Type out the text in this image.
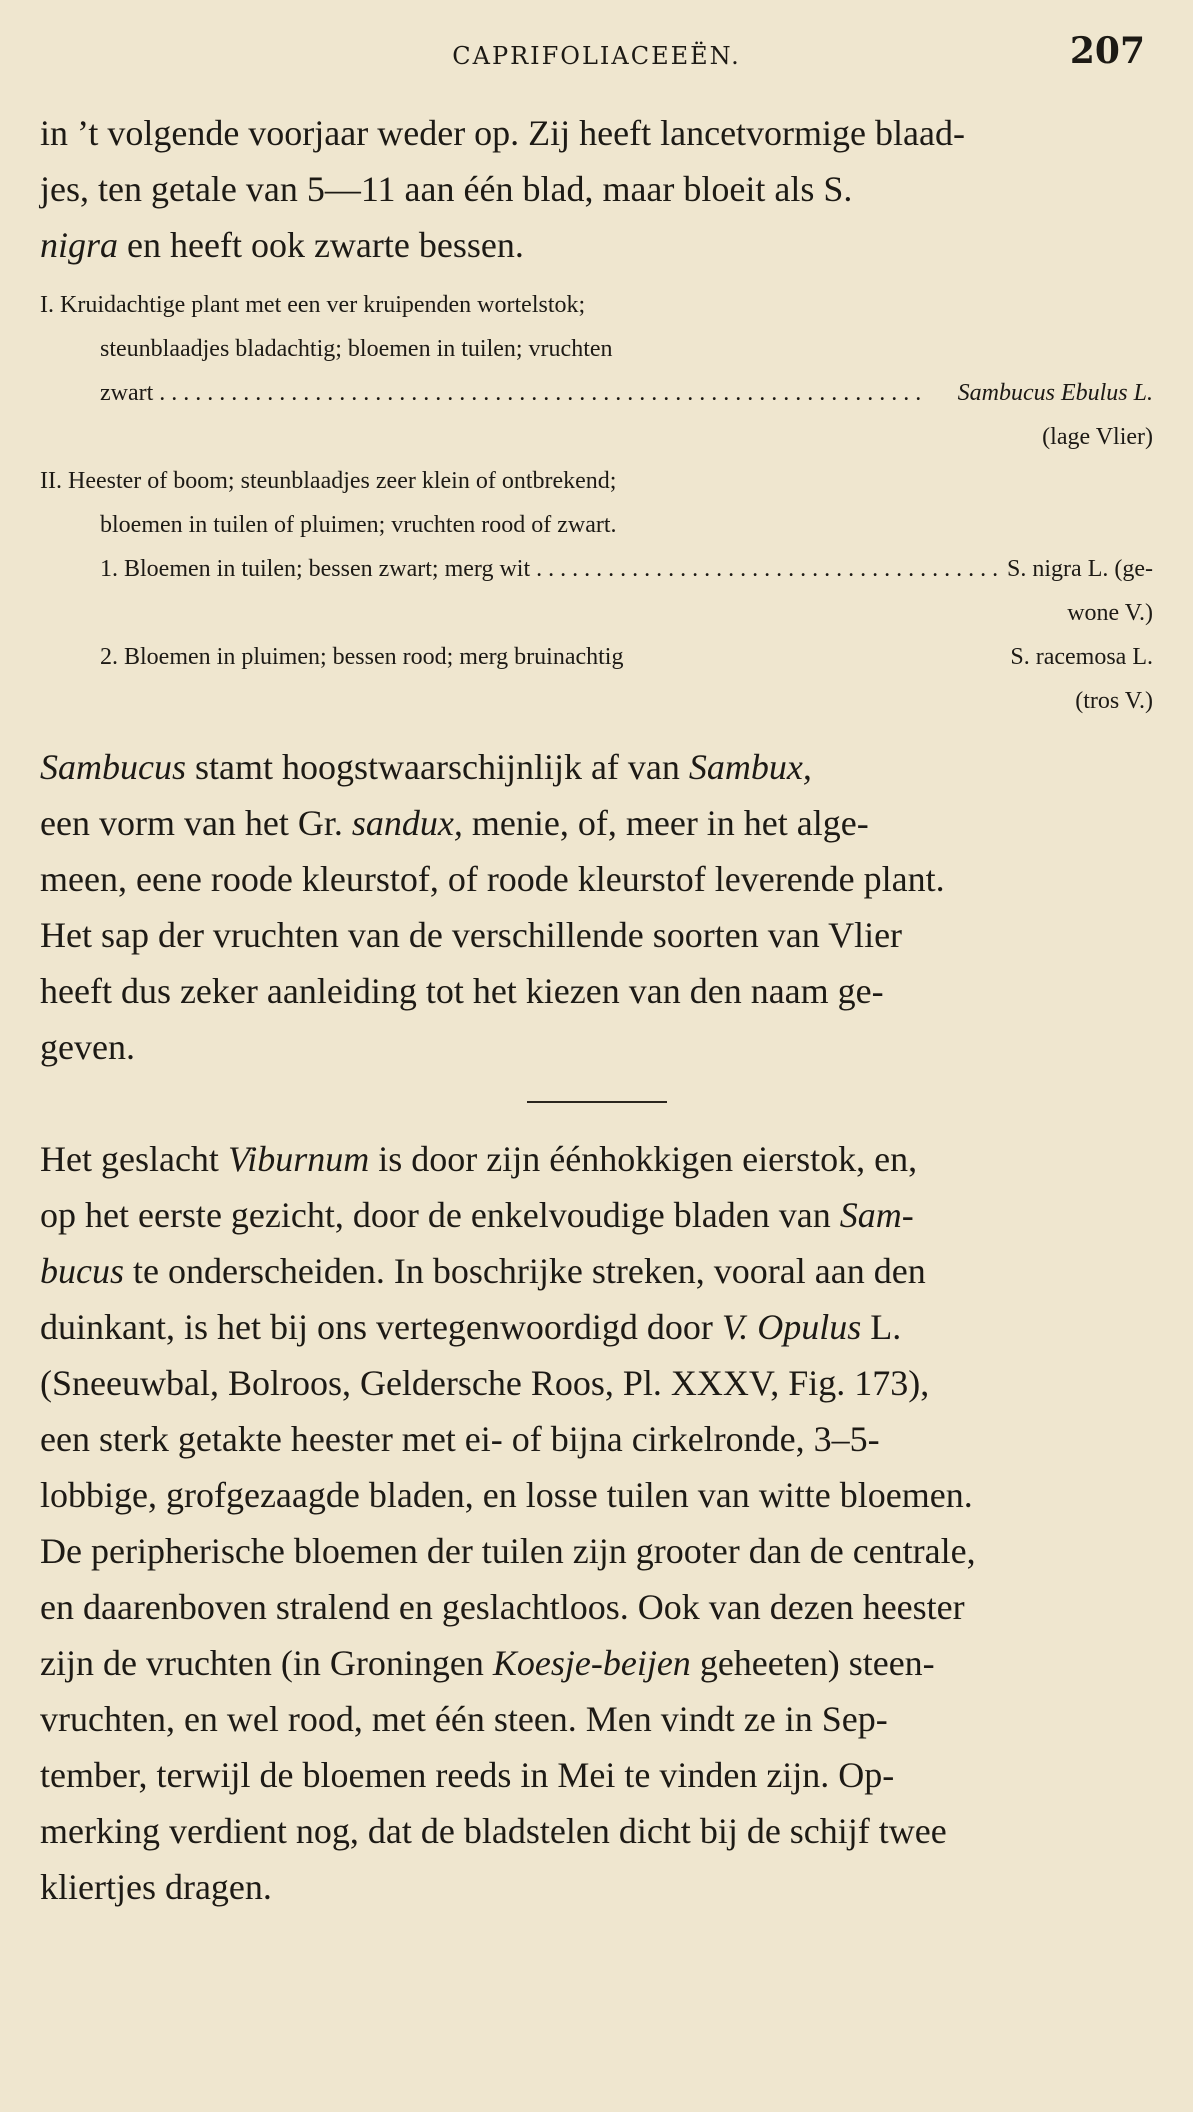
CAPRIFOLIACEEËN.	207
in ’t volgende voorjaar weder op. Zij heeft lancetvormige blaad-
jes, ten getale van 5—11 aan één blad, maar bloeit als S.
nigra en heeft ook zwarte bessen.
I. Kruidachtige plant met een ver kruipenden wortelstok;
steunblaadjes bladachtig; bloemen in tuilen; vruchten
zwart . . .	Sambucus Ebulus L.
(lage Vlier)
II. Heester of boom; steunblaadjes zeer klein of ontbrekend;
bloemen in tuilen of pluimen; vruchten rood of zwart.
1. Bloemen in tuilen; bessen zwart; merg wit . . .	S. nigra L. (ge-
wone V.)
2. Bloemen in pluimen; bessen rood; merg bruinachtig	S. racemosa L.
(tros V.)
Sambucus stamt hoogstwaarschijnlijk af van Sambux,
een vorm van het Gr. sandux, menie, of, meer in het alge-
meen, eene roode kleurstof, of roode kleurstof leverende plant.
Het sap der vruchten van de verschillende soorten van Vlier
heeft dus zeker aanleiding tot het kiezen van den naam ge-
geven.
Het geslacht Viburnum is door zijn éénhokkigen eierstok, en,
op het eerste gezicht, door de enkelvoudige bladen van Sam-
bucus te onderscheiden. In boschrijke streken, vooral aan den
duinkant, is het bij ons vertegenwoordigd door V. Opulus L.
(Sneeuwbal, Bolroos, Geldersche Roos, Pl. XXXV, Fig. 173),
een sterk getakte heester met ei- of bijna cirkelronde, 3–5-
lobbige, grofgezaagde bladen, en losse tuilen van witte bloemen.
De peripherische bloemen der tuilen zijn grooter dan de centrale,
en daarenboven stralend en geslachtloos. Ook van dezen heester
zijn de vruchten (in Groningen Koesje-beijen geheeten) steen-
vruchten, en wel rood, met één steen. Men vindt ze in Sep-
tember, terwijl de bloemen reeds in Mei te vinden zijn. Op-
merking verdient nog, dat de bladstelen dicht bij de schijf twee
kliertjes dragen.
